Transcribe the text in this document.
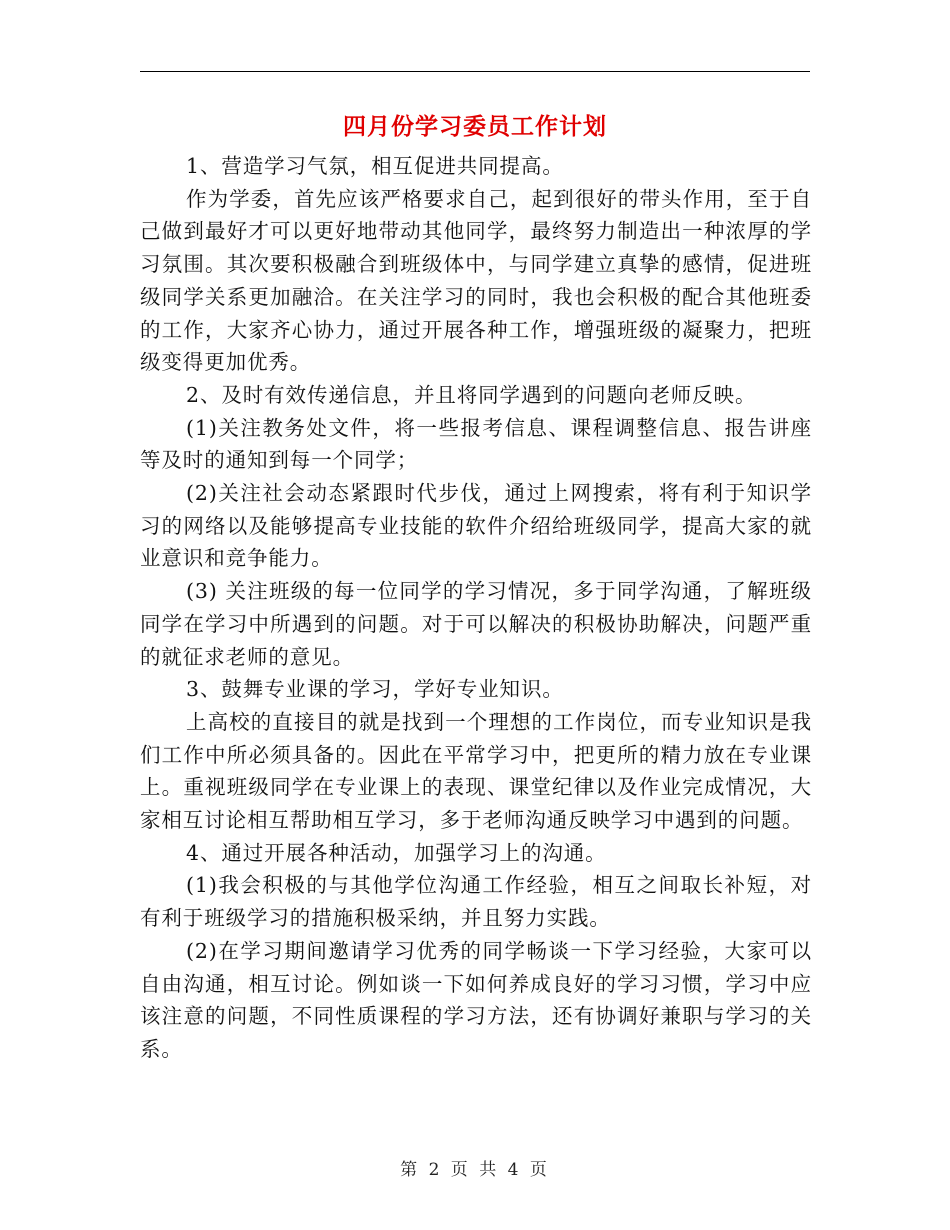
四月份学习委员工作计划

1、营造学习气氛，相互促进共同提高。

作为学委，首先应该严格要求自己，起到很好的带头作用，至于自己做到最好才可以更好地带动其他同学，最终努力制造出一种浓厚的学习氛围。其次要积极融合到班级体中，与同学建立真挚的感情，促进班级同学关系更加融洽。在关注学习的同时，我也会积极的配合其他班委的工作，大家齐心协力，通过开展各种工作，增强班级的凝聚力，把班级变得更加优秀。

2、及时有效传递信息，并且将同学遇到的问题向老师反映。

(1)关注教务处文件，将一些报考信息、课程调整信息、报告讲座等及时的通知到每一个同学；

(2)关注社会动态紧跟时代步伐，通过上网搜索，将有利于知识学习的网络以及能够提高专业技能的软件介绍给班级同学，提高大家的就业意识和竞争能力。

(3) 关注班级的每一位同学的学习情况，多于同学沟通，了解班级同学在学习中所遇到的问题。对于可以解决的积极协助解决，问题严重的就征求老师的意见。

3、鼓舞专业课的学习，学好专业知识。

上高校的直接目的就是找到一个理想的工作岗位，而专业知识是我们工作中所必须具备的。因此在平常学习中，把更所的精力放在专业课上。重视班级同学在专业课上的表现、课堂纪律以及作业完成情况，大家相互讨论相互帮助相互学习，多于老师沟通反映学习中遇到的问题。

4、通过开展各种活动，加强学习上的沟通。

(1)我会积极的与其他学位沟通工作经验，相互之间取长补短，对有利于班级学习的措施积极采纳，并且努力实践。

(2)在学习期间邀请学习优秀的同学畅谈一下学习经验，大家可以自由沟通，相互讨论。例如谈一下如何养成良好的学习习惯，学习中应该注意的问题，不同性质课程的学习方法，还有协调好兼职与学习的关系。

第 2 页 共 4 页
